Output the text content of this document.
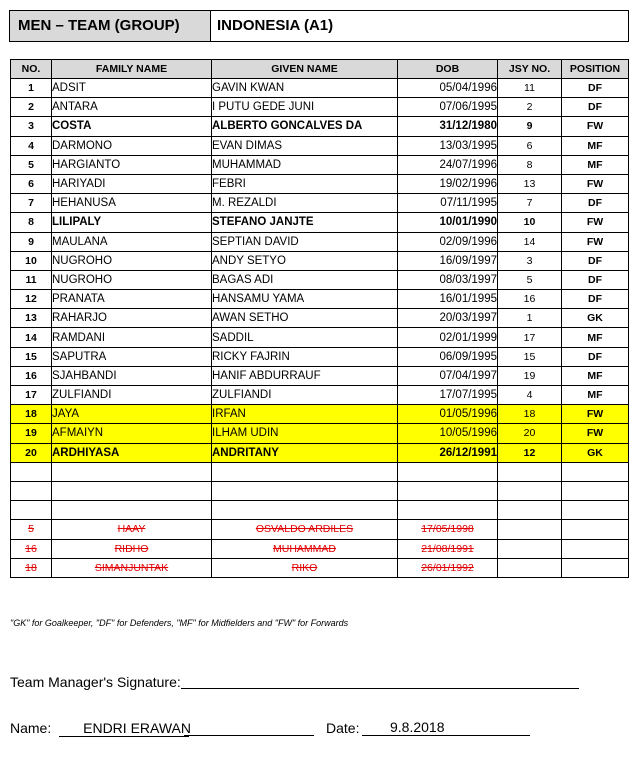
MEN – TEAM (GROUP)	INDONESIA (A1)
NO.	FAMILY NAME	GIVEN NAME	DOB	JSY NO.	POSITION
1	ADSIT	GAVIN KWAN	05/04/1996	11	DF
2	ANTARA	I PUTU GEDE JUNI	07/06/1995	2	DF
3	COSTA	ALBERTO GONCALVES DA	31/12/1980	9	FW
4	DARMONO	EVAN DIMAS	13/03/1995	6	MF
5	HARGIANTO	MUHAMMAD	24/07/1996	8	MF
6	HARIYADI	FEBRI	19/02/1996	13	FW
7	HEHANUSA	M. REZALDI	07/11/1995	7	DF
8	LILIPALY	STEFANO JANJTE	10/01/1990	10	FW
9	MAULANA	SEPTIAN DAVID	02/09/1996	14	FW
10	NUGROHO	ANDY SETYO	16/09/1997	3	DF
11	NUGROHO	BAGAS ADI	08/03/1997	5	DF
12	PRANATA	HANSAMU YAMA	16/01/1995	16	DF
13	RAHARJO	AWAN SETHO	20/03/1997	1	GK
14	RAMDANI	SADDIL	02/01/1999	17	MF
15	SAPUTRA	RICKY FAJRIN	06/09/1995	15	DF
16	SJAHBANDI	HANIF ABDURRAUF	07/04/1997	19	MF
17	ZULFIANDI	ZULFIANDI	17/07/1995	4	MF
18	JAYA	IRFAN	01/05/1996	18	FW
19	AFMAIYN	ILHAM UDIN	10/05/1996	20	FW
20	ARDHIYASA	ANDRITANY	26/12/1991	12	GK

5	HAAY	OSVALDO ARDILES	17/05/1998		
16	RIDHO	MUHAMMAD	21/08/1991		
18	SIMANJUNTAK	RIKO	26/01/1992		
"GK" for Goalkeeper, "DF" for Defenders, "MF" for Midfielders and "FW" for Forwards
Team Manager's Signature:
Name: ENDRI ERAWAN	Date:	9.8.2018
